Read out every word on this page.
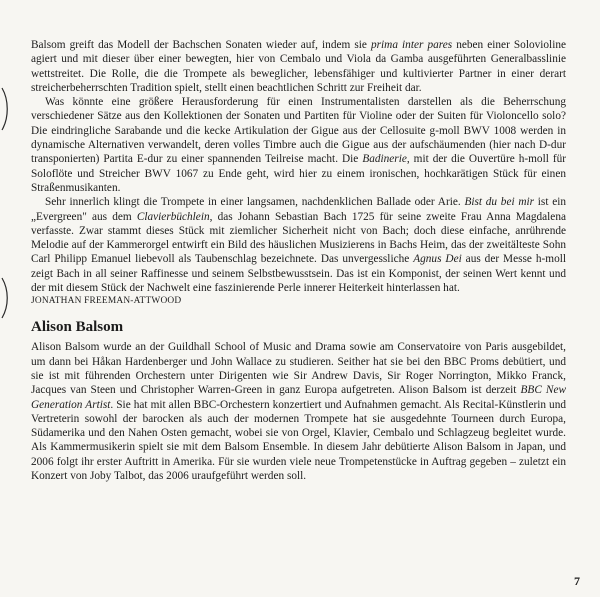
Balsom greift das Modell der Bachschen Sonaten wieder auf, indem sie prima inter pares neben einer Solovioline agiert und mit dieser über einer bewegten, hier von Cembalo und Viola da Gamba ausgeführten Generalbasslinie wettstreitet. Die Rolle, die die Trompete als beweglicher, lebensfähiger und kultivierter Partner in einer derart streicherbeherrschten Tradition spielt, stellt einen beachtlichen Schritt zur Freiheit dar.

Was könnte eine größere Herausforderung für einen Instrumentalisten darstellen als die Beherrschung verschiedener Sätze aus den Kollektionen der Sonaten und Partiten für Violine oder der Suiten für Violoncello solo? Die eindringliche Sarabande und die kecke Artikulation der Gigue aus der Cellosuite g-moll BWV 1008 werden in dynamische Alternativen verwandelt, deren volles Timbre auch die Gigue aus der aufschäumenden (hier nach D-dur transponierten) Partita E-dur zu einer spannenden Teilreise macht. Die Badinerie, mit der die Ouvertüre h-moll für Soloflöte und Streicher BWV 1067 zu Ende geht, wird hier zu einem ironischen, hochkarätigen Stück für einen Straßenmusikanten.

Sehr innerlich klingt die Trompete in einer langsamen, nachdenklichen Ballade oder Arie. Bist du bei mir ist ein „Evergreen" aus dem Clavierbüchlein, das Johann Sebastian Bach 1725 für seine zweite Frau Anna Magdalena verfasste. Zwar stammt dieses Stück mit ziemlicher Sicherheit nicht von Bach; doch diese einfache, anrührende Melodie auf der Kammerorgel entwirft ein Bild des häuslichen Musizierens in Bachs Heim, das der zweitälteste Sohn Carl Philipp Emanuel liebevoll als Taubenschlag bezeichnete. Das unvergessliche Agnus Dei aus der Messe h-moll zeigt Bach in all seiner Raffinesse und seinem Selbstbewusstsein. Das ist ein Komponist, der seinen Wert kennt und der mit diesem Stück der Nachwelt eine faszinierende Perle innerer Heiterkeit hinterlassen hat.

JONATHAN FREEMAN-ATTWOOD

Alison Balsom

Alison Balsom wurde an der Guildhall School of Music and Drama sowie am Conservatoire von Paris ausgebildet, um dann bei Håkan Hardenberger und John Wallace zu studieren. Seither hat sie bei den BBC Proms debütiert, und sie ist mit führenden Orchestern unter Dirigenten wie Sir Andrew Davis, Sir Roger Norrington, Mikko Franck, Jacques van Steen und Christopher Warren-Green in ganz Europa aufgetreten. Alison Balsom ist derzeit BBC New Generation Artist. Sie hat mit allen BBC-Orchestern konzertiert und Aufnahmen gemacht. Als Recital-Künstlerin und Vertreterin sowohl der barocken als auch der modernen Trompete hat sie ausgedehnte Tourneen durch Europa, Südamerika und den Nahen Osten gemacht, wobei sie von Orgel, Klavier, Cembalo und Schlagzeug begleitet wurde. Als Kammermusikerin spielt sie mit dem Balsom Ensemble. In diesem Jahr debütierte Alison Balsom in Japan, und 2006 folgt ihr erster Auftritt in Amerika. Für sie wurden viele neue Trompetenstücke in Auftrag gegeben – zuletzt ein Konzert von Joby Talbot, das 2006 uraufgeführt werden soll.

7
